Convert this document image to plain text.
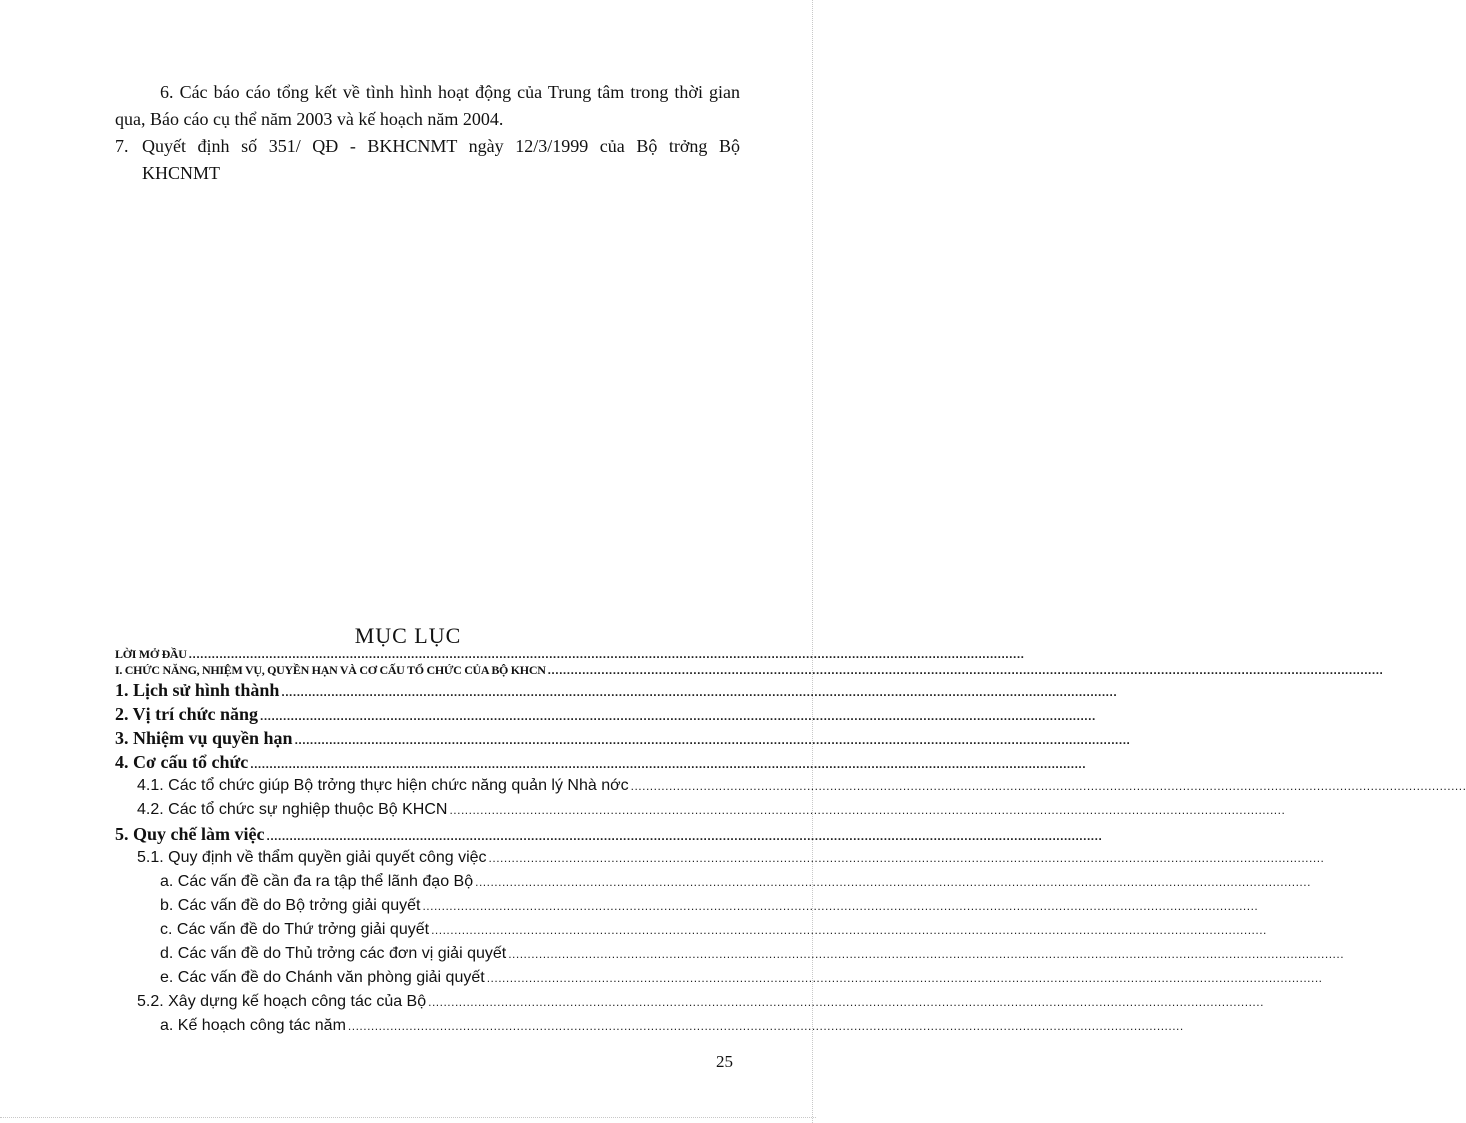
6. Các báo cáo tổng kết về tình hình hoạt động của Trung tâm trong thời gian qua, Báo cáo cụ thể năm 2003 và kế hoạch năm 2004.
7. Quyết định số 351/ QĐ - BKHCNMT ngày 12/3/1999 của Bộ trởng Bộ
KHCNMT
MỤC LỤC
LỜI MỞ ĐẦU ..........................................................................................................................................................................................................................
I. CHỨC NĂNG, NHIỆM VỤ, QUYỀN HẠN VÀ CƠ CẤU TỔ CHỨC CỦA BỘ KHCN ..........................................................................................................................................................................................................................
1. Lịch sử hình thành ..........................................................................................................................................................................................................................
2. Vị trí chức năng ..........................................................................................................................................................................................................................
3. Nhiệm vụ quyền hạn ..........................................................................................................................................................................................................................
4. Cơ cấu tổ chức ..........................................................................................................................................................................................................................
4.1. Các tổ chức giúp Bộ trởng thực hiện chức năng quản lý Nhà nớc ..........................................................................................................................................................................................................................
4.2. Các tổ chức sự nghiệp thuộc Bộ KHCN ..........................................................................................................................................................................................................................
5. Quy chế làm việc ..........................................................................................................................................................................................................................
5.1. Quy định về thẩm quyền giải quyết công việc ..........................................................................................................................................................................................................................
a. Các vấn đề cần đa ra tập thể lãnh đạo Bộ ..........................................................................................................................................................................................................................
b. Các vấn đề do Bộ trởng giải quyết ..........................................................................................................................................................................................................................
c. Các vấn đề do Thứ trởng giải quyết ..........................................................................................................................................................................................................................
d. Các vấn đề do Thủ trởng các đơn vị giải quyết ..........................................................................................................................................................................................................................
e. Các vấn đề do Chánh văn phòng giải quyết ..........................................................................................................................................................................................................................
5.2. Xây dựng kế hoạch công tác của Bộ ..........................................................................................................................................................................................................................
a. Kế hoạch công tác năm ..........................................................................................................................................................................................................................
25
